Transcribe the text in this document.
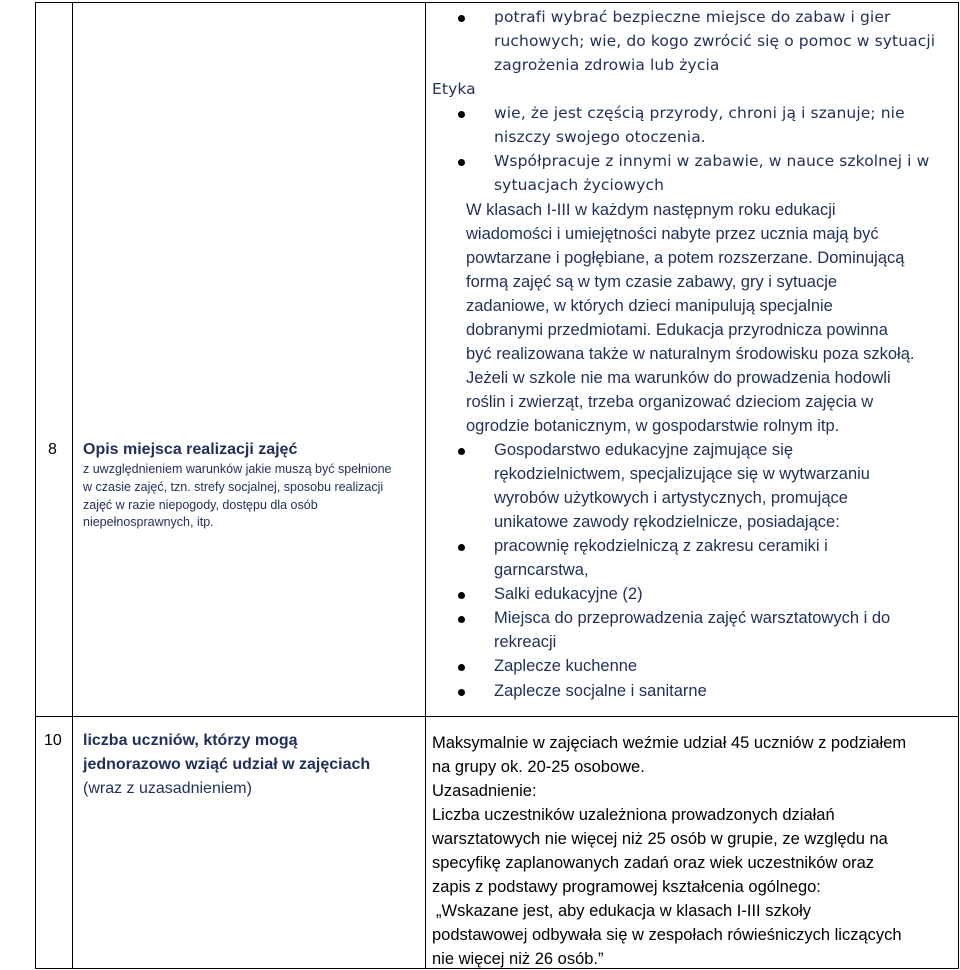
potrafi wybrać bezpieczne miejsce do zabaw i gier
ruchowych; wie, do kogo zwrócić się o pomoc w sytuacji
zagrożenia zdrowia lub życia
Etyka
wie, że jest częścią przyrody, chroni ją i szanuje; nie
niszczy swojego otoczenia.
Współpracuje z innymi w zabawie, w nauce szkolnej i w
sytuacjach życiowych
W klasach I-III w każdym następnym roku edukacji
wiadomości i umiejętności nabyte przez ucznia mają być
powtarzane i pogłębiane, a potem rozszerzane. Dominującą
formą zajęć są w tym czasie zabawy, gry i sytuacje
zadaniowe, w których dzieci manipulują specjalnie
dobranymi przedmiotami. Edukacja przyrodnicza powinna
być realizowana także w naturalnym środowisku poza szkołą.
Jeżeli w szkole nie ma warunków do prowadzenia hodowli
roślin i zwierząt, trzeba organizować dzieciom zajęcia w
ogrodzie botanicznym, w gospodarstwie rolnym itp.
8 Opis miejsca realizacji zajęć
z uwzględnieniem warunków jakie muszą być spełnione
w czasie zajęć, tzn. strefy socjalnej, sposobu realizacji
zajęć w razie niepogody, dostępu dla osób
niepełnosprawnych, itp.
Gospodarstwo edukacyjne zajmujące się
rękodzielnictwem, specjalizujące się w wytwarzaniu
wyrobów użytkowych i artystycznych, promujące
unikatowe zawody rękodzielnicze, posiadające:
pracownię rękodzielniczą z zakresu ceramiki i
garncarstwa,
Salki edukacyjne (2)
Miejsca do przeprowadzenia zajęć warsztatowych i do
rekreacji
Zaplecze kuchenne
Zaplecze socjalne i sanitarne
10 liczba uczniów, którzy mogą
jednorazowo wziąć udział w zajęciach
(wraz z uzasadnieniem)
Maksymalnie w zajęciach weźmie udział 45 uczniów z podziałem
na grupy ok. 20-25 osobowe.
Uzasadnienie:
Liczba uczestników uzależniona prowadzonych działań
warsztatowych nie więcej niż 25 osób w grupie, ze względu na
specyfikę zaplanowanych zadań oraz wiek uczestników oraz
zapis z podstawy programowej kształcenia ogólnego:
„Wskazane jest, aby edukacja w klasach I-III szkoły
podstawowej odbywała się w zespołach rówieśniczych liczących
nie więcej niż 26 osób.”
